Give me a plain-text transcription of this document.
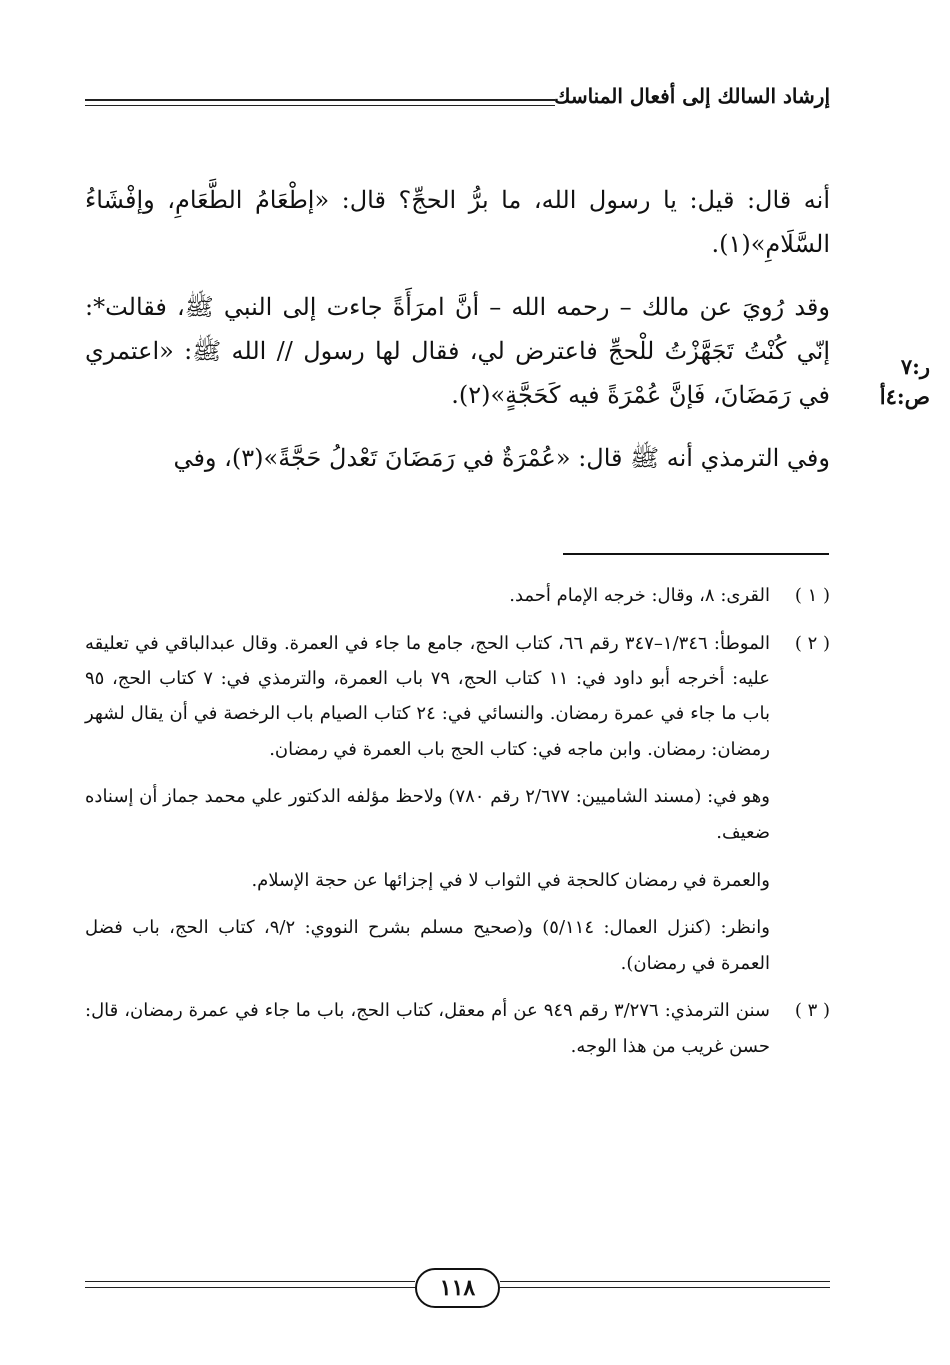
إرشاد السالك إلى أفعال المناسك

أنه قال: قيل: يا رسول الله، ما برُّ الحجِّ؟ قال: «إطْعَامُ الطَّعَامِ، وإفْشَاءُ السَّلَامِ»(١).

وقد رُويَ عن مالك – رحمه الله – أنَّ امرَأَةً جاءت إلى النبي ﷺ، فقالت*: إنّي كُنْتُ تَجَهَّزْتُ للْحجِّ فاعترض لي، فقال لها رسول // الله ﷺ: «اعتمري في رَمَضَانَ، فَإنَّ عُمْرَةً فيه كَحَجَّةٍ»(٢).

وفي الترمذي أنه ﷺ قال: «عُمْرَةٌ في رَمَضَانَ تَعْدلُ حَجَّةً»(٣)، وفي

ر:٧
ص:٤أ
( ١ )
القرى: ٨، وقال: خرجه الإمام أحمد.
( ٢ )
الموطأ: ١/٣٤٦–٣٤٧ رقم ٦٦، كتاب الحج، جامع ما جاء في العمرة. وقال عبدالباقي في تعليقه عليه: أخرجه أبو داود في: ١١ كتاب الحج، ٧٩ باب العمرة، والترمذي في: ٧ كتاب الحج، ٩٥ باب ما جاء في عمرة رمضان. والنسائي في: ٢٤ كتاب الصيام باب الرخصة في أن يقال لشهر رمضان: رمضان. وابن ماجه في: كتاب الحج باب العمرة في رمضان.
وهو في: (مسند الشاميين: ٢/٦٧٧ رقم ٧٨٠) ولاحظ مؤلفه الدكتور علي محمد جماز أن إسناده ضعيف.
والعمرة في رمضان كالحجة في الثواب لا في إجزائها عن حجة الإسلام.
وانظر: (كنزل العمال: ٥/١١٤) و(صحيح مسلم بشرح النووي: ٩/٢، كتاب الحج، باب فضل العمرة في رمضان).
( ٣ )
سنن الترمذي: ٣/٢٧٦ رقم ٩٤٩ عن أم معقل، كتاب الحج، باب ما جاء في عمرة رمضان، قال: حسن غريب من هذا الوجه.
١١٨
